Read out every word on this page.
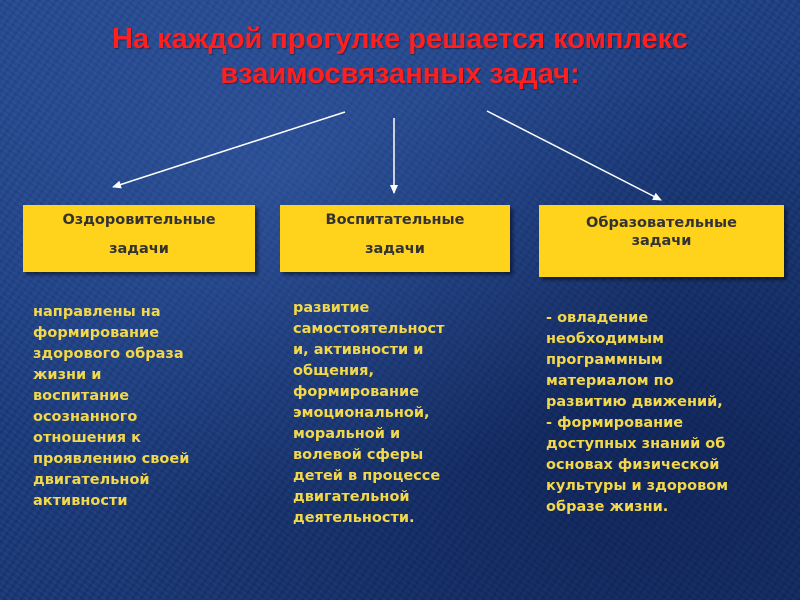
На каждой прогулке решается комплекс
взаимосвязанных задач:
Оздоровительные
задачи
Воспитательные
задачи
Образовательные
задачи
направлены на
формирование
здорового образа
жизни и
воспитание
осознанного
отношения к
проявлению своей
двигательной
активности
развитие
самостоятельност
и, активности и
общения,
формирование
эмоциональной,
моральной и
волевой сферы
детей в процессе
двигательной
деятельности.
- овладение
необходимым
программным
материалом по
развитию движений,
- формирование
доступных знаний об
основах физической
культуры и здоровом
образе жизни.
